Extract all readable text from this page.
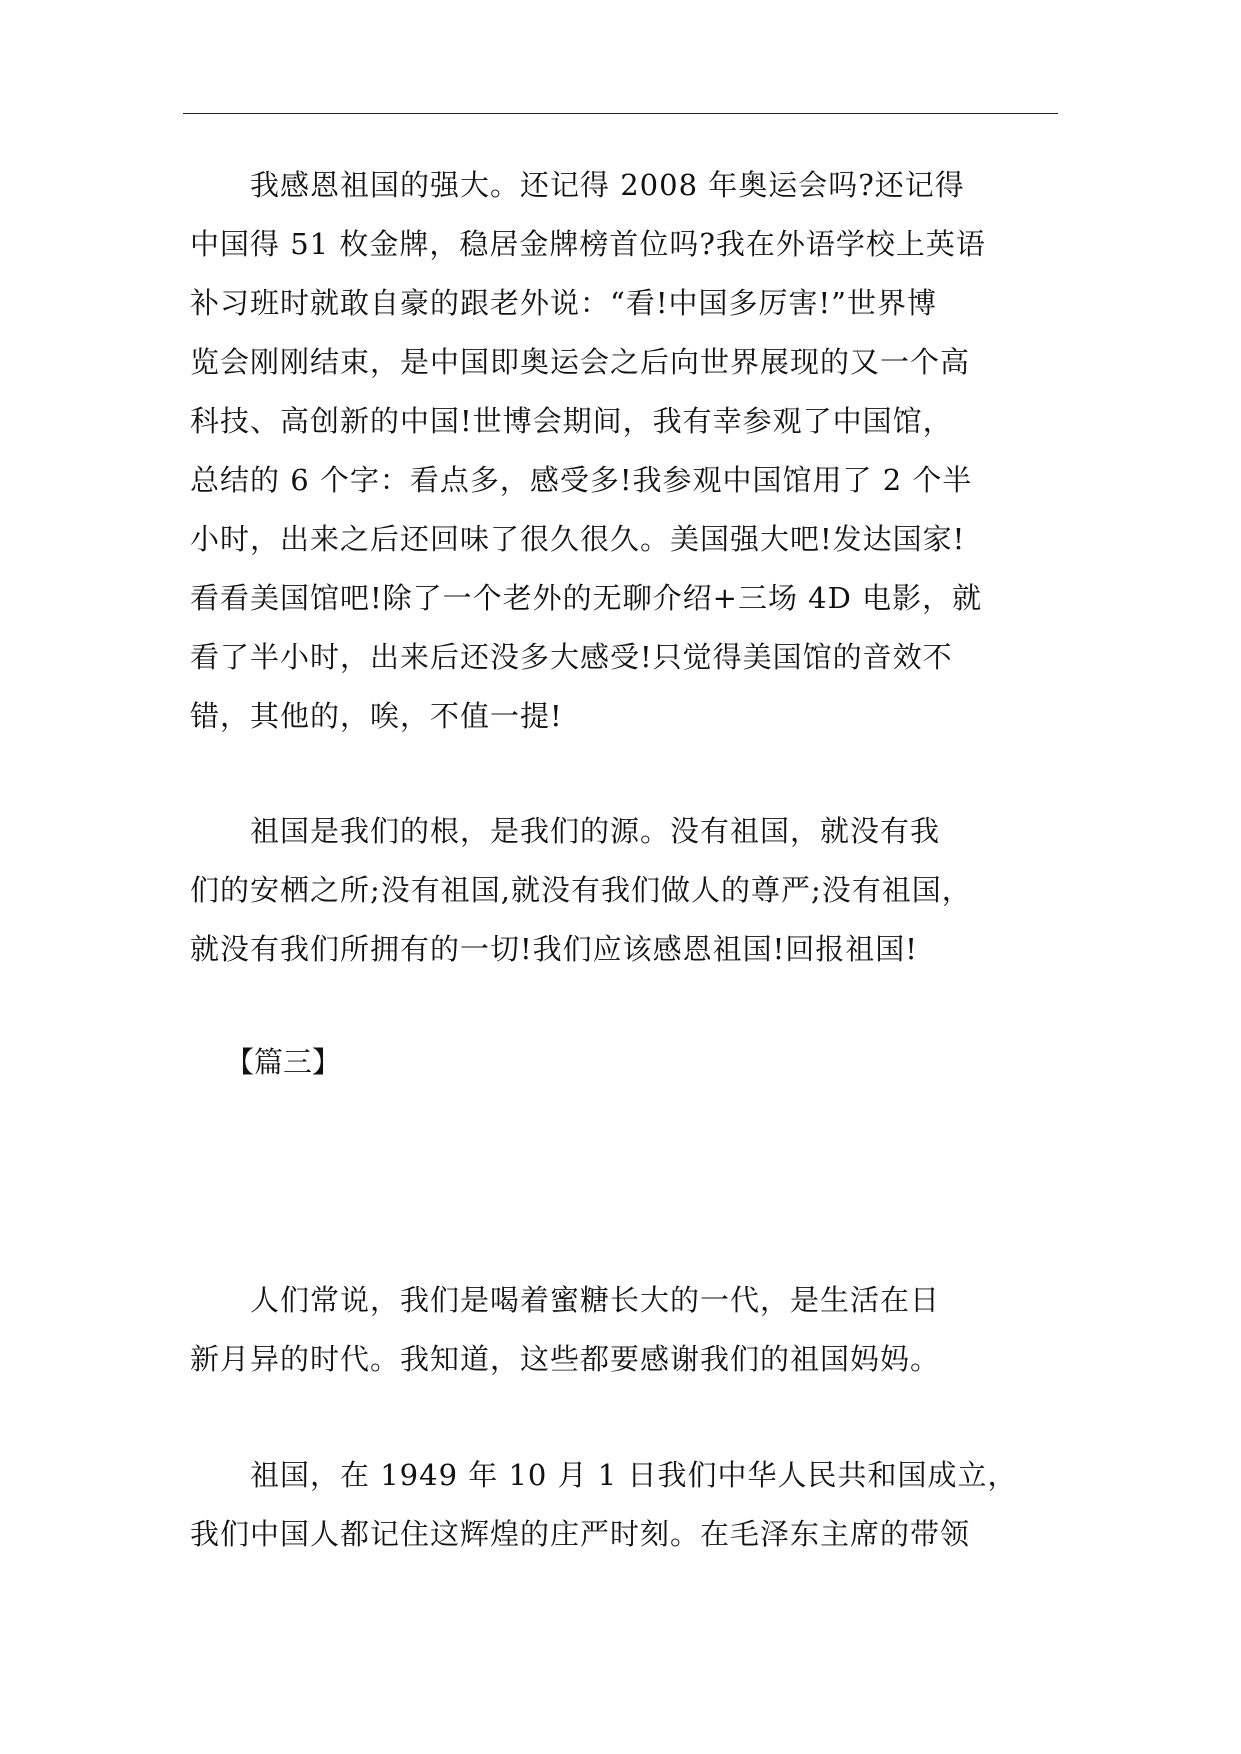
　　我感恩祖国的强大。还记得 2008 年奥运会吗?还记得
中国得 51 枚金牌，稳居金牌榜首位吗?我在外语学校上英语
补习班时就敢自豪的跟老外说：“看!中国多厉害!”世界博
览会刚刚结束，是中国即奥运会之后向世界展现的又一个高
科技、高创新的中国!世博会期间，我有幸参观了中国馆，
总结的 6 个字：看点多，感受多!我参观中国馆用了 2 个半
小时，出来之后还回味了很久很久。美国强大吧!发达国家!
看看美国馆吧!除了一个老外的无聊介绍+三场 4D 电影，就
看了半小时，出来后还没多大感受!只觉得美国馆的音效不
错，其他的，唉，不值一提!
　　祖国是我们的根，是我们的源。没有祖国，就没有我
们的安栖之所;没有祖国,就没有我们做人的尊严;没有祖国，
就没有我们所拥有的一切!我们应该感恩祖国!回报祖国!
【篇三】
　　人们常说，我们是喝着蜜糖长大的一代，是生活在日
新月异的时代。我知道，这些都要感谢我们的祖国妈妈。
　　祖国，在 1949 年 10 月 1 日我们中华人民共和国成立，
我们中国人都记住这辉煌的庄严时刻。在毛泽东主席的带领
